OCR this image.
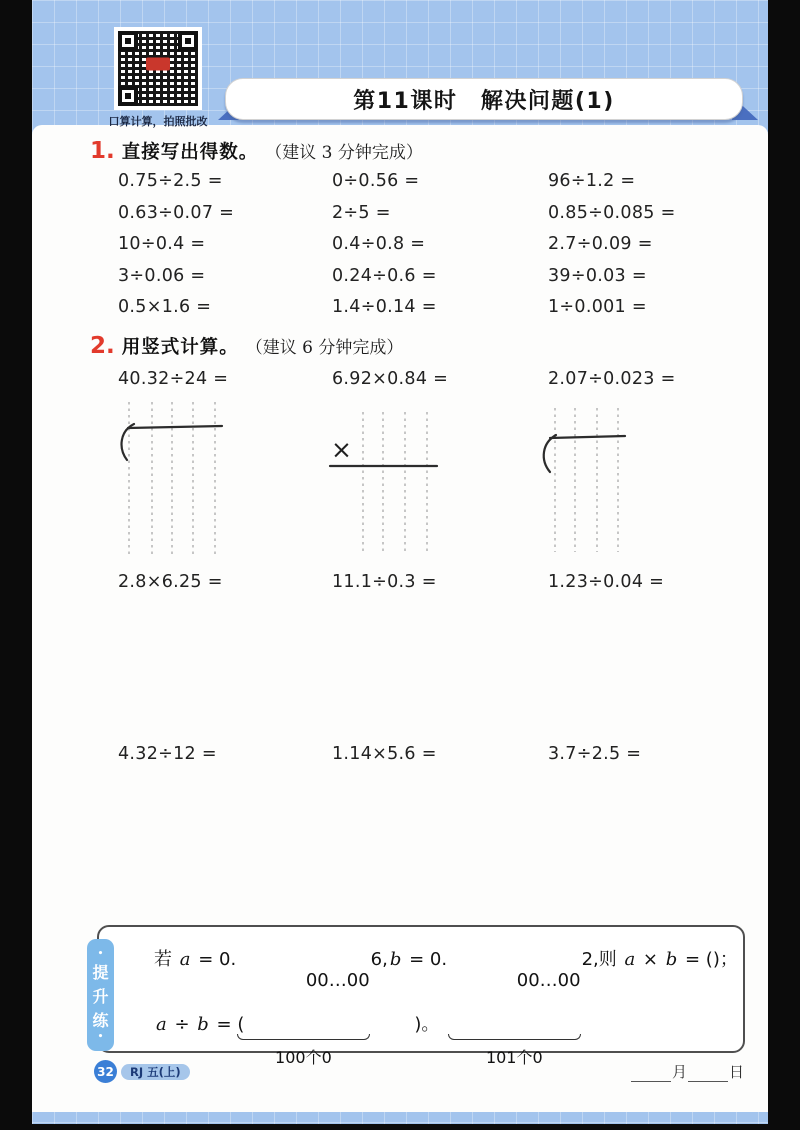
口算计算，拍照批改
第11课时　解决问题(1)
1. 直接写出得数。 （建议 3 分钟完成）
0.75÷2.5 =	0÷0.56 =	96÷1.2 =
0.63÷0.07 =	2÷5 =	0.85÷0.085 =
10÷0.4 =	0.4÷0.8 =	2.7÷0.09 =
3÷0.06 =	0.24÷0.6 =	39÷0.03 =
0.5×1.6 =	1.4÷0.14 =	1÷0.001 =
2. 用竖式计算。 （建议 6 分钟完成）
40.32÷24 =	6.92×0.84 =	2.07÷0.023 =
×
2.8×6.25 =	11.1÷0.3 =	1.23÷0.04 =
4.32÷12 =	1.14×5.6 =	3.7÷2.5 =
•
提
升
练
•
若 a = 0.

00…00

100个0

6 , b = 0.

00…00

101个0

2 ,则 a × b = ( )；
a ÷ b = (	)。
32	RJ 五(上)	月	日
